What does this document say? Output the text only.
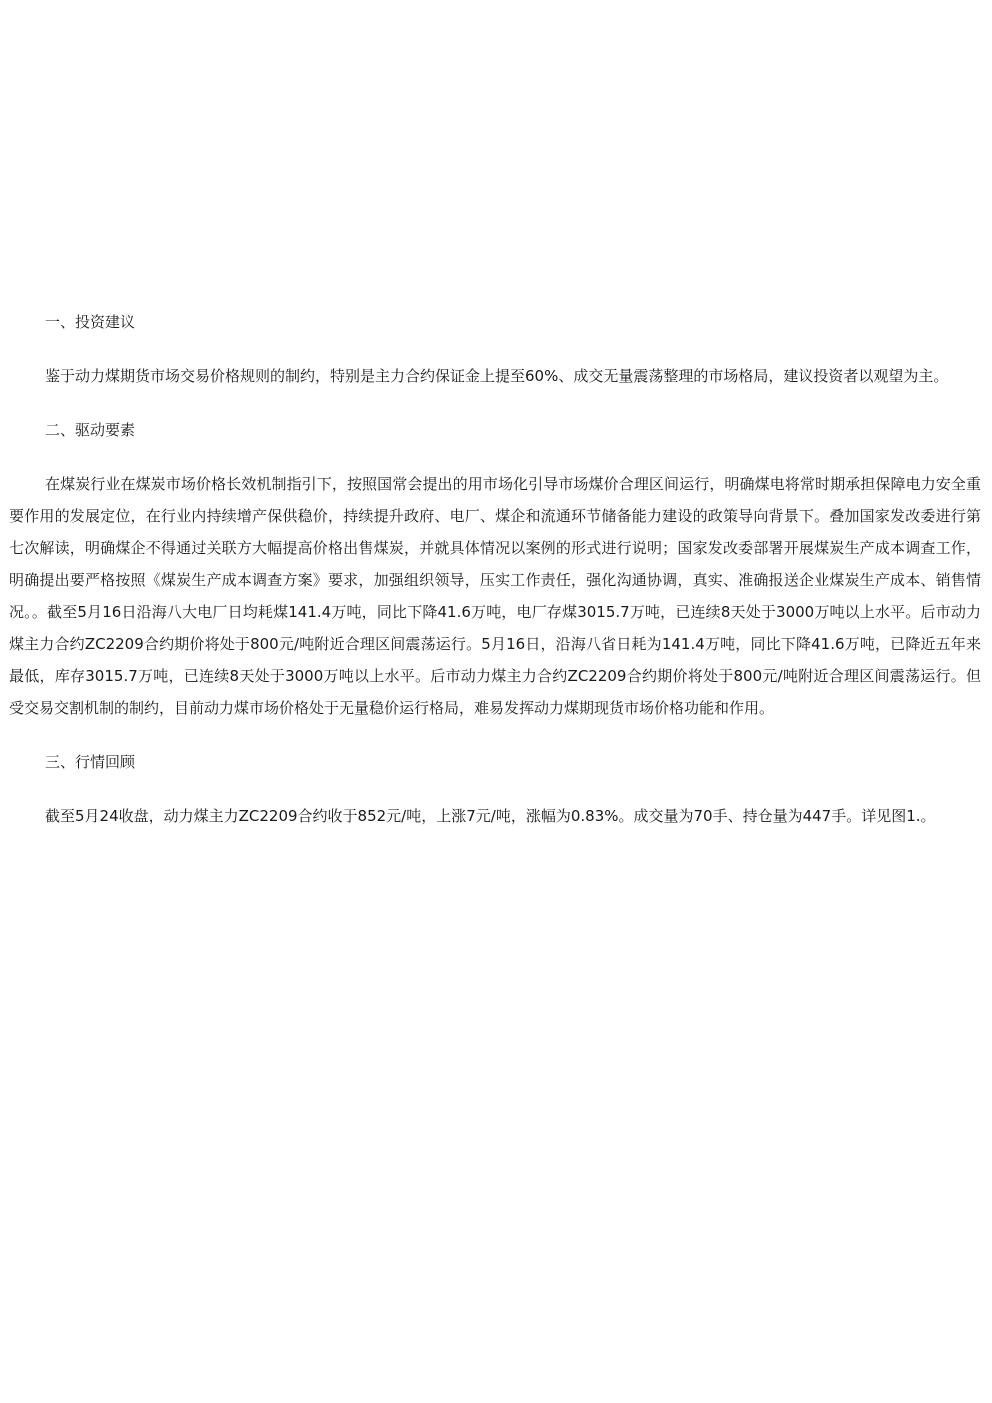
一、投资建议

鉴于动力煤期货市场交易价格规则的制约，特别是主力合约保证金上提至60%、成交无量震荡整理的市场格局，建议投资者以观望为主。

二、驱动要素

在煤炭行业在煤炭市场价格长效机制指引下，按照国常会提出的用市场化引导市场煤价合理区间运行，明确煤电将常时期承担保障电力安全重要作用的发展定位，在行业内持续增产保供稳价，持续提升政府、电厂、煤企和流通环节储备能力建设的政策导向背景下。叠加国家发改委进行第七次解读，明确煤企不得通过关联方大幅提高价格出售煤炭，并就具体情况以案例的形式进行说明；国家发改委部署开展煤炭生产成本调查工作，明确提出要严格按照《煤炭生产成本调查方案》要求，加强组织领导，压实工作责任，强化沟通协调，真实、准确报送企业煤炭生产成本、销售情况。。截至5月16日沿海八大电厂日均耗煤141.4万吨，同比下降41.6万吨，电厂存煤3015.7万吨，已连续8天处于3000万吨以上水平。后市动力煤主力合约ZC2209合约期价将处于800元/吨附近合理区间震荡运行。5月16日，沿海八省日耗为141.4万吨，同比下降41.6万吨，已降近五年来最低，库存3015.7万吨，已连续8天处于3000万吨以上水平。后市动力煤主力合约ZC2209合约期价将处于800元/吨附近合理区间震荡运行。但受交易交割机制的制约，目前动力煤市场价格处于无量稳价运行格局，难易发挥动力煤期现货市场价格功能和作用。

三、行情回顾

截至5月24收盘，动力煤主力ZC2209合约收于852元/吨，上涨7元/吨，涨幅为0.83%。成交量为70手、持仓量为447手。详见图1.。
